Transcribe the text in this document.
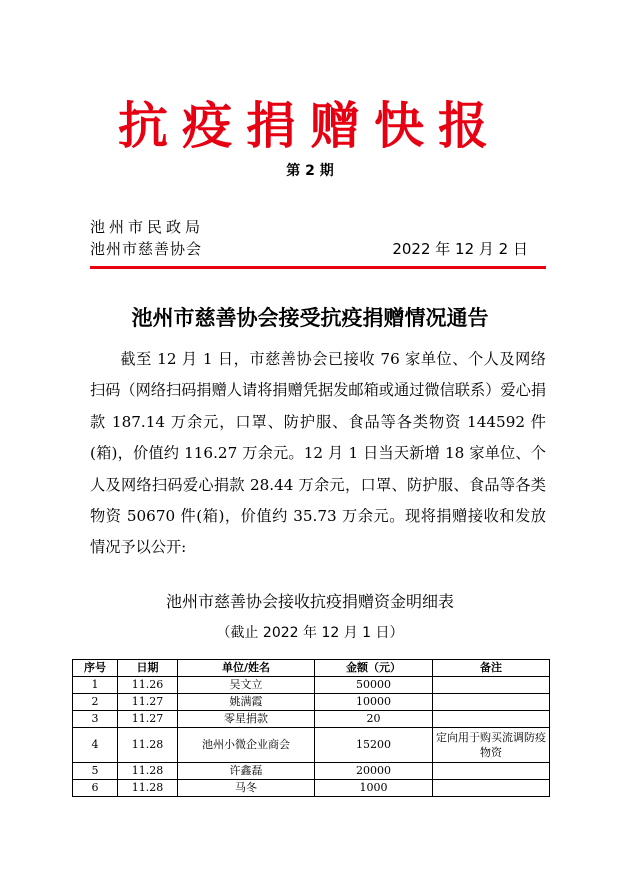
抗疫捐赠快报
第 2 期
池州市民政局
池州市慈善协会	2022 年 12 月 2 日
池州市慈善协会接受抗疫捐赠情况通告

截至 12 月 1 日，市慈善协会已接收 76 家单位、个人及网络扫码（网络扫码捐赠人请将捐赠凭据发邮箱或通过微信联系）爱心捐款 187.14 万余元，口罩、防护服、食品等各类物资 144592 件(箱)，价值约 116.27 万余元。12 月 1 日当天新增 18 家单位、个人及网络扫码爱心捐款 28.44 万余元，口罩、防护服、食品等各类物资 50670 件(箱)，价值约 35.73 万余元。现将捐赠接收和发放情况予以公开:

池州市慈善协会接收抗疫捐赠资金明细表
（截止 2022 年 12 月 1 日）
序号	日期	单位/姓名	金额（元）	备注
1	11.26	吴文立	50000	
2	11.27	姚满霞	10000	
3	11.27	零星捐款	20	
4	11.28	池州小微企业商会	15200	定向用于购买流调防疫物资
5	11.28	许鑫磊	20000	
6	11.28	马冬	1000	
